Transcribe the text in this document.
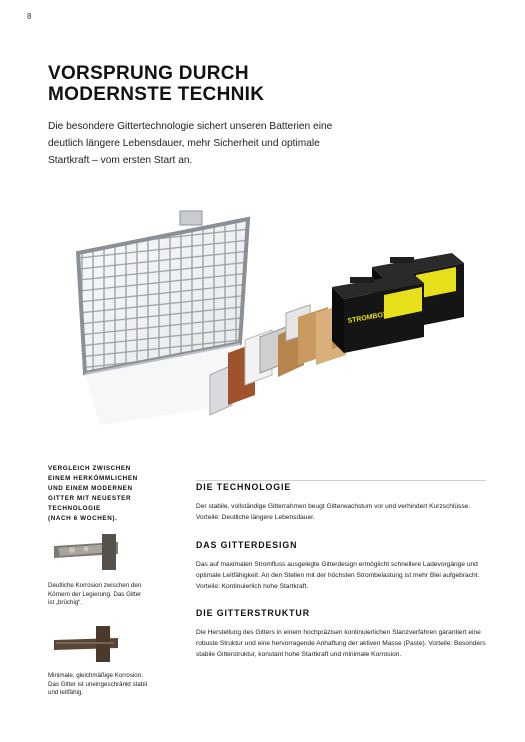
8
VORSPRUNG DURCH
MODERNSTE TECHNIK

Die besondere Gittertechnologie sichert unseren Batterien eine deutlich längere Lebensdauer, mehr Sicherheit und optimale Startkraft – vom ersten Start an.

STROMBOX
VERGLEICH ZWISCHEN
EINEM HERKÖMMLICHEN
UND EINEM MODERNEN
GITTER MIT NEUESTER
TECHNOLOGIE
(NACH 6 WOCHEN).

Deutliche Korrosion zwischen den Körnern der Legierung. Das Gitter ist „brüchig“.

Minimale, gleichmäßige Korrosion. Das Gitter ist uneingeschränkt stabil und leitfähig.

DIE TECHNOLOGIE

Der stabile, vollständige Gitterrahmen beugt Gitterwachstum vor und verhindert Kurzschlüsse. Vorteile: Deutliche längere Lebensdauer.

DAS GITTERDESIGN

Das auf maximalen Stromfluss ausgelegte Gitterdesign ermöglicht schnellere Ladevorgänge und optimale Leitfähigkeit. An den Stellen mit der höchsten Strombelastung ist mehr Blei aufgebracht. Vorteile: Kontinuierlich hohe Startkraft.

DIE GITTERSTRUKTUR

Die Herstellung des Gitters in einem hochpräzisen kontinuierlichen Stanzverfahren garantiert eine robuste Struktur und eine hervorragende Anhaftung der aktiven Masse (Paste). Vorteile: Besonders stabile Gitterstruktur, konstant hohe Startkraft und minimale Korrosion.
